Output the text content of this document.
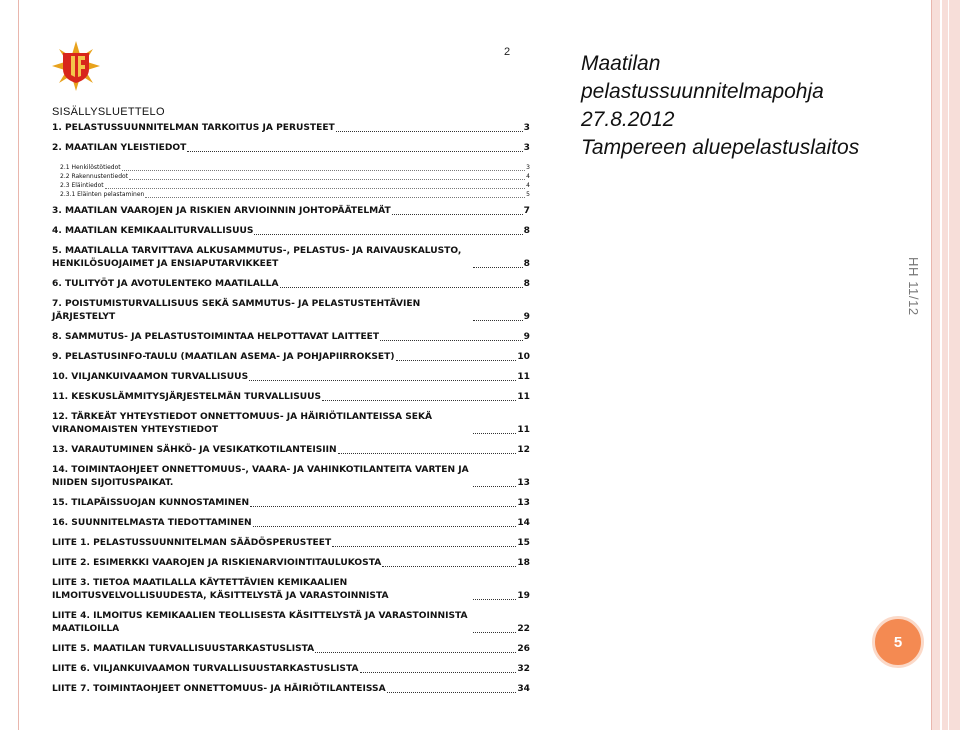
2
SISÄLLYSLUETTELO
1. PELASTUSSUUNNITELMAN TARKOITUS JA PERUSTEET	3
2. MAATILAN YLEISTIEDOT	3
2.1 Henkilöstötiedot	3
2.2 Rakennustentiedot	4
2.3 Eläintiedot	4
2.3.1 Eläinten pelastaminen	5
3. MAATILAN VAAROJEN JA RISKIEN ARVIOINNIN JOHTOPÄÄTELMÄT	7
4. MAATILAN KEMIKAALITURVALLISUUS	8
5. MAATILALLA TARVITTAVA ALKUSAMMUTUS-, PELASTUS- JA RAIVAUSKALUSTO, HENKILÖSUOJAIMET JA ENSIAPUTARVIKKEET	8
6. TULITYÖT JA AVOTULENTEKO MAATILALLA	8
7. POISTUMISTURVALLISUUS SEKÄ SAMMUTUS- JA PELASTUSTEHTÄVIEN JÄRJESTELYT	9
8. SAMMUTUS- JA PELASTUSTOIMINTAA HELPOTTAVAT LAITTEET	9
9. PELASTUSINFO-TAULU (MAATILAN ASEMA- JA POHJAPIIRROKSET)	10
10. VILJANKUIVAAMON TURVALLISUUS	11
11. KESKUSLÄMMITYSJÄRJESTELMÄN TURVALLISUUS	11
12. TÄRKEÄT YHTEYSTIEDOT ONNETTOMUUS- JA HÄIRIÖTILANTEISSA SEKÄ VIRANOMAISTEN YHTEYSTIEDOT	11
13. VARAUTUMINEN SÄHKÖ- JA VESIKATKOTILANTEISIIN	12
14. TOIMINTAOHJEET ONNETTOMUUS-, VAARA- JA VAHINKOTILANTEITA VARTEN JA NIIDEN SIJOITUSPAIKAT.	13
15. TILAPÄISSUOJAN KUNNOSTAMINEN	13
16. SUUNNITELMASTA TIEDOTTAMINEN	14
LIITE 1. PELASTUSSUUNNITELMAN SÄÄDÖSPERUSTEET	15
LIITE 2. ESIMERKKI VAAROJEN JA RISKIENARVIOINTITAULUKOSTA	18
LIITE 3. TIETOA MAATILALLA KÄYTETTÄVIEN KEMIKAALIEN ILMOITUSVELVOLLISUUDESTA, KÄSITTELYSTÄ JA VARASTOINNISTA	19
LIITE 4. ILMOITUS KEMIKAALIEN TEOLLISESTA KÄSITTELYSTÄ JA VARASTOINNISTA MAATILOILLA	22
LIITE 5. MAATILAN TURVALLISUUSTARKASTUSLISTA	26
LIITE 6. VILJANKUIVAAMON TURVALLISUUSTARKASTUSLISTA	32
LIITE 7. TOIMINTAOHJEET ONNETTOMUUS- JA HÄIRIÖTILANTEISSA	34
Maatilan
pelastussuunnitelmapohja
27.8.2012
Tampereen aluepelastuslaitos
HH 11/12
5
